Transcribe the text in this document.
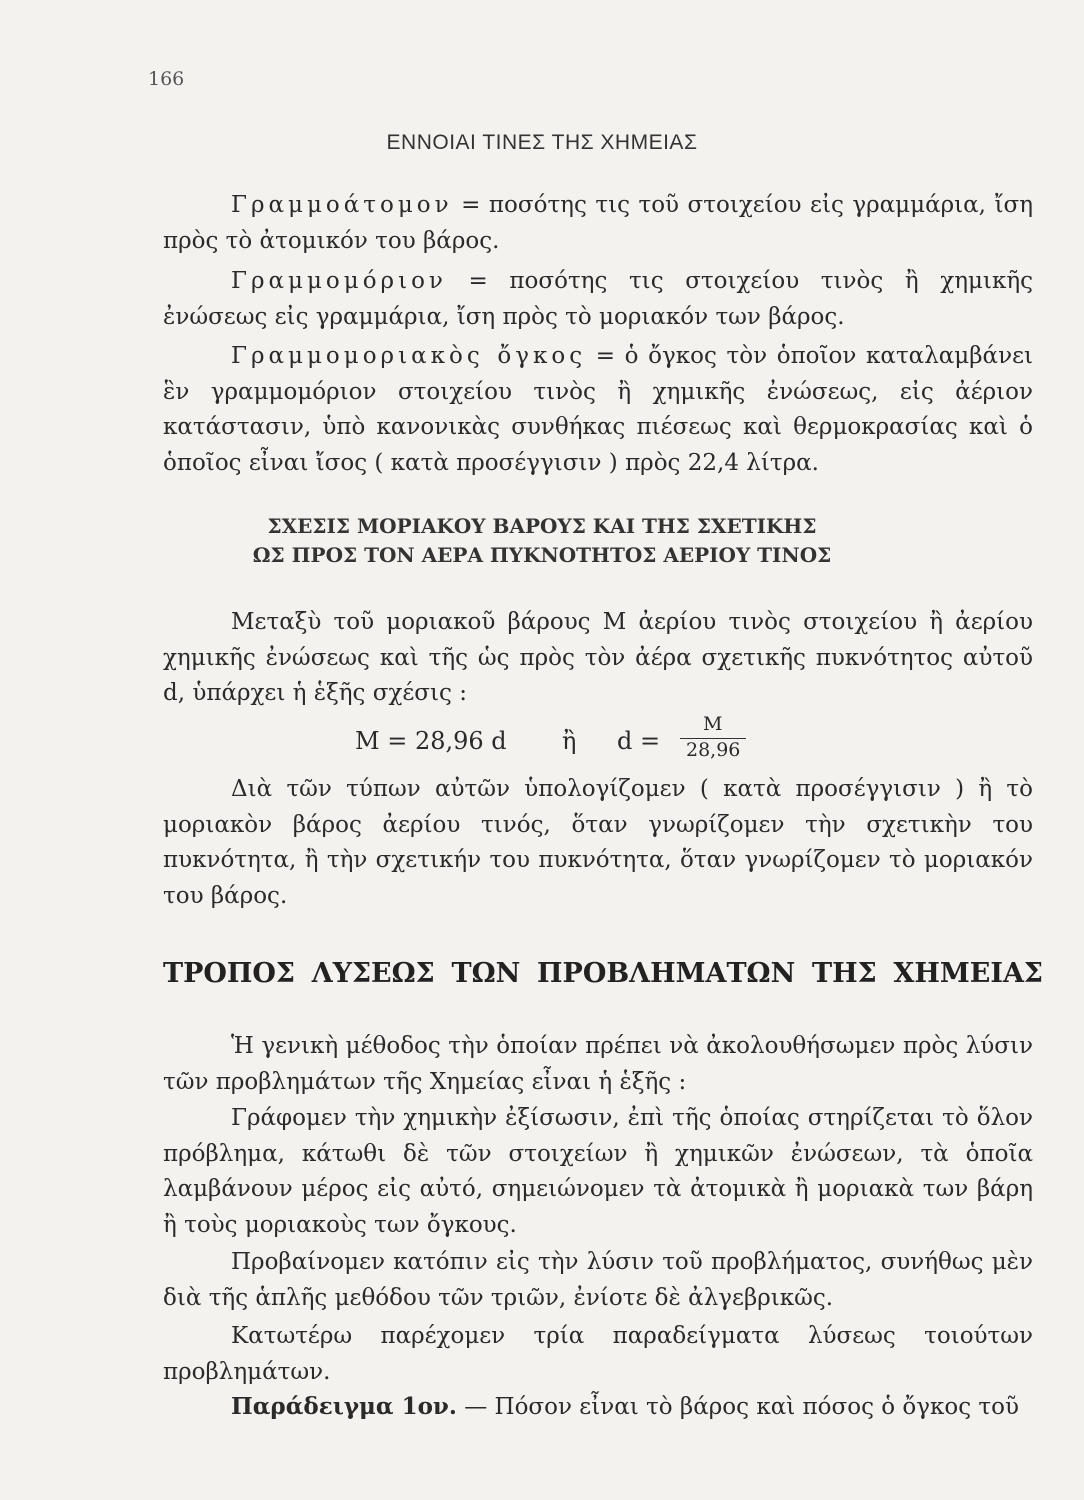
166
ΕΝΝΟΙΑΙ ΤΙΝΕΣ ΤΗΣ ΧΗΜΕΙΑΣ

Γραμμοάτομον = ποσότης τις τοῦ στοιχείου εἰς γραμμάρια, ἴση πρὸς τὸ ἀτομικόν του βάρος.

Γραμμομόριον = ποσότης τις στοιχείου τινὸς ἢ χημικῆς ἐνώσεως εἰς γραμμάρια, ἴση πρὸς τὸ μοριακόν των βάρος.

Γραμμομοριακὸς ὄγκος = ὁ ὄγκος τὸν ὁποῖον καταλαμβάνει ἓν γραμμομόριον στοιχείου τινὸς ἢ χημικῆς ἐνώσεως, εἰς ἀέριον κατάστασιν, ὑπὸ κανονικὰς συνθήκας πιέσεως καὶ θερμοκρασίας καὶ ὁ ὁποῖος εἶναι ἴσος ( κατὰ προσέγγισιν ) πρὸς 22,4 λίτρα.

ΣΧΕΣΙΣ ΜΟΡΙΑΚΟΥ ΒΑΡΟΥΣ ΚΑΙ ΤΗΣ ΣΧΕΤΙΚΗΣ
ΩΣ ΠΡΟΣ ΤΟΝ ΑΕΡΑ ΠΥΚΝΟΤΗΤΟΣ ΑΕΡΙΟΥ ΤΙΝΟΣ

Μεταξὺ τοῦ μοριακοῦ βάρους Μ ἀερίου τινὸς στοιχείου ἢ ἀερίου χημικῆς ἐνώσεως καὶ τῆς ὡς πρὸς τὸν ἀέρα σχετικῆς πυκνότητος αὐτοῦ d, ὑπάρχει ἡ ἑξῆς σχέσις :

M = 28,96 d ἢ d =
M
28,96

Διὰ τῶν τύπων αὐτῶν ὑπολογίζομεν ( κατὰ προσέγγισιν ) ἢ τὸ μοριακὸν βάρος ἀερίου τινός, ὅταν γνωρίζομεν τὴν σχετικὴν του πυκνότητα, ἢ τὴν σχετικήν του πυκνότητα, ὅταν γνωρίζομεν τὸ μοριακόν του βάρος.

ΤΡΟΠΟΣ ΛΥΣΕΩΣ ΤΩΝ ΠΡΟΒΛΗΜΑΤΩΝ ΤΗΣ ΧΗΜΕΙΑΣ

Ἡ γενικὴ μέθοδος τὴν ὁποίαν πρέπει νὰ ἀκολουθήσωμεν πρὸς λύσιν τῶν προβλημάτων τῆς Χημείας εἶναι ἡ ἑξῆς :

Γράφομεν τὴν χημικὴν ἐξίσωσιν, ἐπὶ τῆς ὁποίας στηρίζεται τὸ ὅλον πρόβλημα, κάτωθι δὲ τῶν στοιχείων ἢ χημικῶν ἐνώσεων, τὰ ὁποῖα λαμβάνουν μέρος εἰς αὐτό, σημειώνομεν τὰ ἀτομικὰ ἢ μοριακὰ των βάρη ἢ τοὺς μοριακοὺς των ὄγκους.

Προβαίνομεν κατόπιν εἰς τὴν λύσιν τοῦ προβλήματος, συνήθως μὲν διὰ τῆς ἁπλῆς μεθόδου τῶν τριῶν, ἐνίοτε δὲ ἀλγεβρικῶς.

Κατωτέρω παρέχομεν τρία παραδείγματα λύσεως τοιούτων προβλημάτων.

Παράδειγμα 1ον. — Πόσον εἶναι τὸ βάρος καὶ πόσος ὁ ὄγκος τοῦ
